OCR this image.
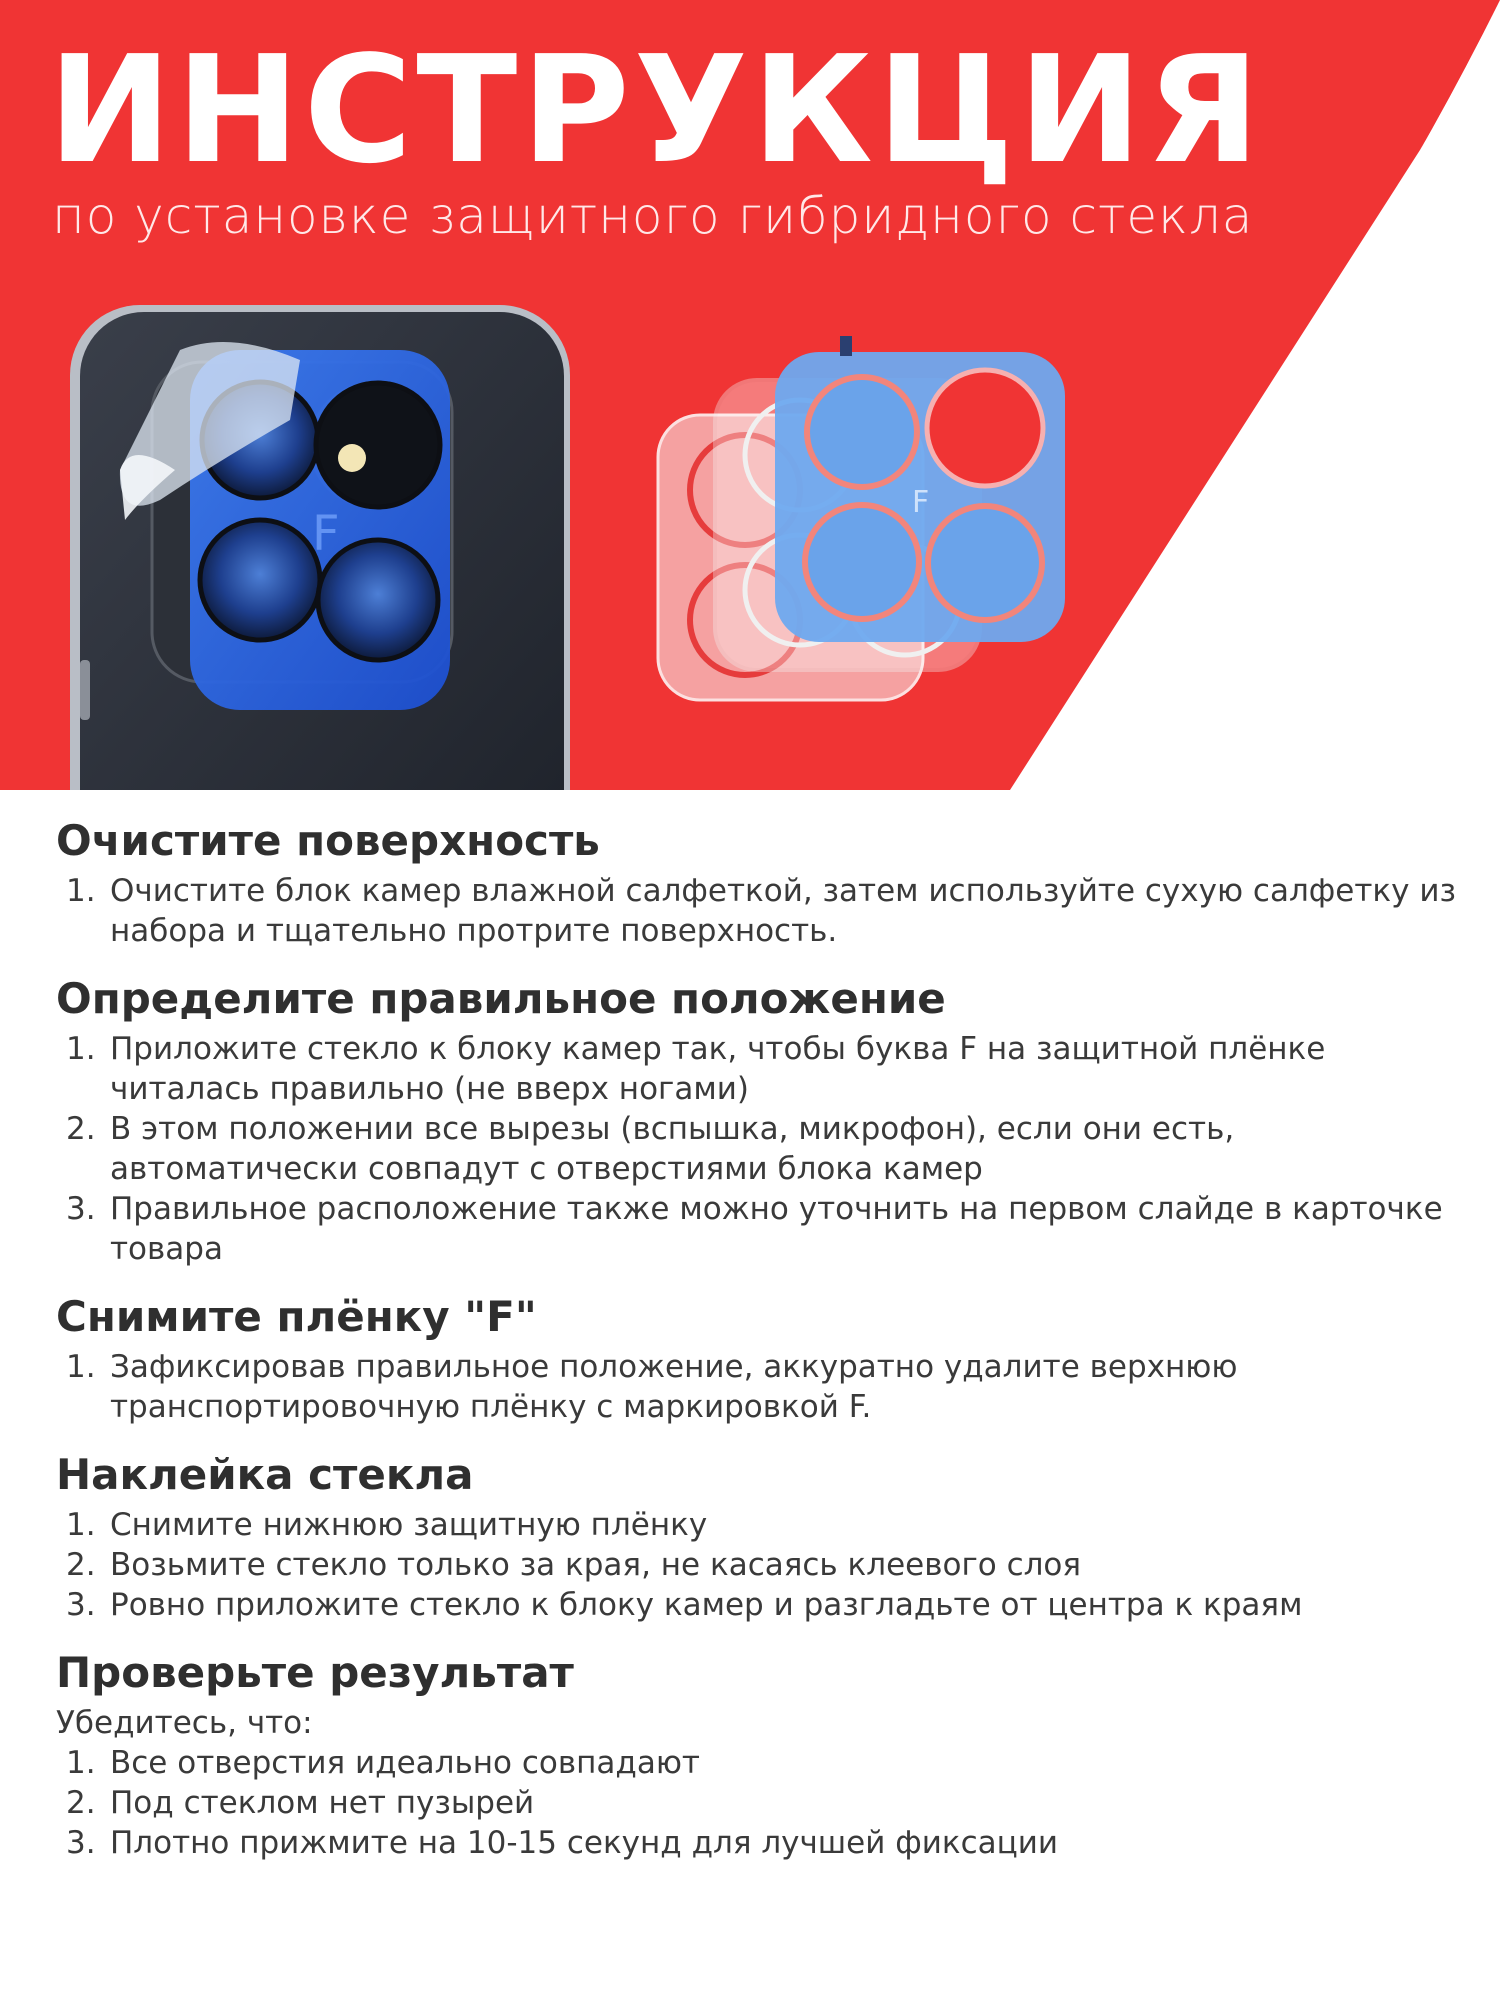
F
F
ИНСТРУКЦИЯ

по установке защитного гибридного стекла

Очистите поверхность
1. Очистите блок камер влажной салфеткой, затем используйте сухую салфетку из набора и тщательно протрите поверхность.
Определите правильное положение
1. Приложите стекло к блоку камер так, чтобы буква F на защитной плёнке читалась правильно (не вверх ногами)
2. В этом положении все вырезы (вспышка, микрофон), если они есть, автоматически совпадут с отверстиями блока камер
3. Правильное расположение также можно уточнить на первом слайде в карточке товара
Снимите плёнку "F"
1. Зафиксировав правильное положение, аккуратно удалите верхнюю транспортировочную плёнку с маркировкой F.
Наклейка стекла
1. Снимите нижнюю защитную плёнку
2. Возьмите стекло только за края, не касаясь клеевого слоя
3. Ровно приложите стекло к блоку камер и разгладьте от центра к краям
Проверьте результат

Убедитесь, что:

1. Все отверстия идеально совпадают
2. Под стеклом нет пузырей
3. Плотно прижмите на 10-15 секунд для лучшей фиксации
